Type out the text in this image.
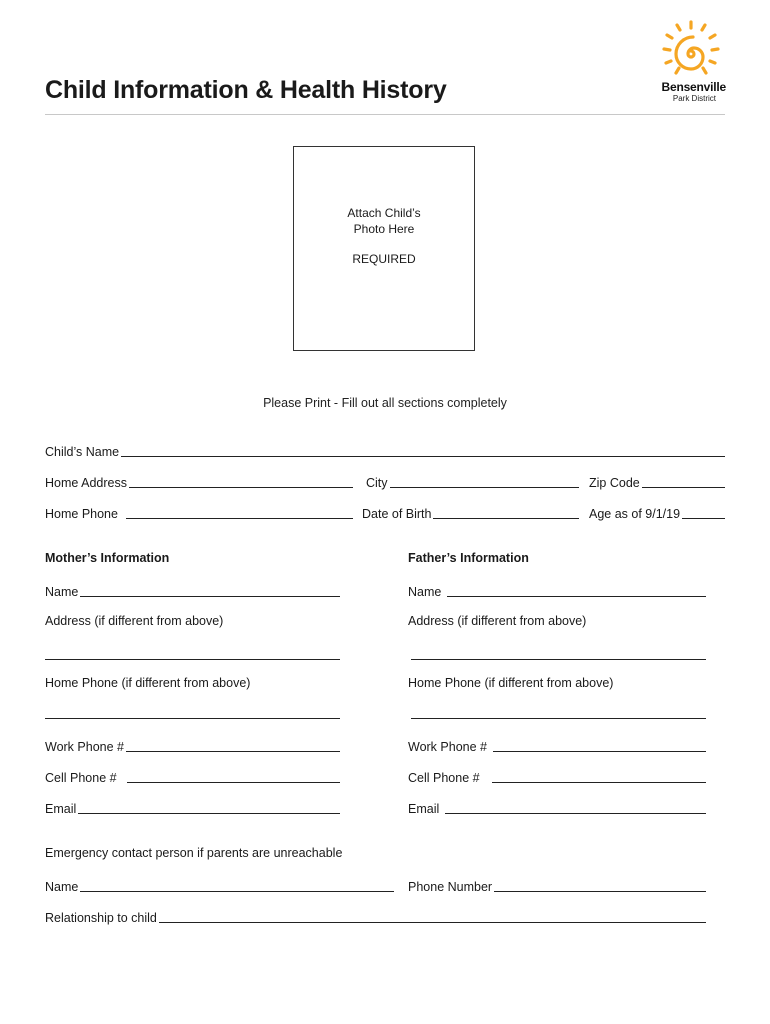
Child Information & Health History	Bensenville
Park District
Attach Child’s
Photo Here
REQUIRED
Please Print - Fill out all sections completely
Child’s Name
Home Address	City	Zip Code
Home Phone	Date of Birth	Age as of 9/1/19
Mother’s Information
Name
Address (if different from above)
Home Phone (if different from above)
Work Phone #
Cell Phone #
Email
Father’s Information
Name
Address (if different from above)
Home Phone (if different from above)
Work Phone #
Cell Phone #
Email
Emergency contact person if parents are unreachable
Name	Phone Number
Relationship to child
